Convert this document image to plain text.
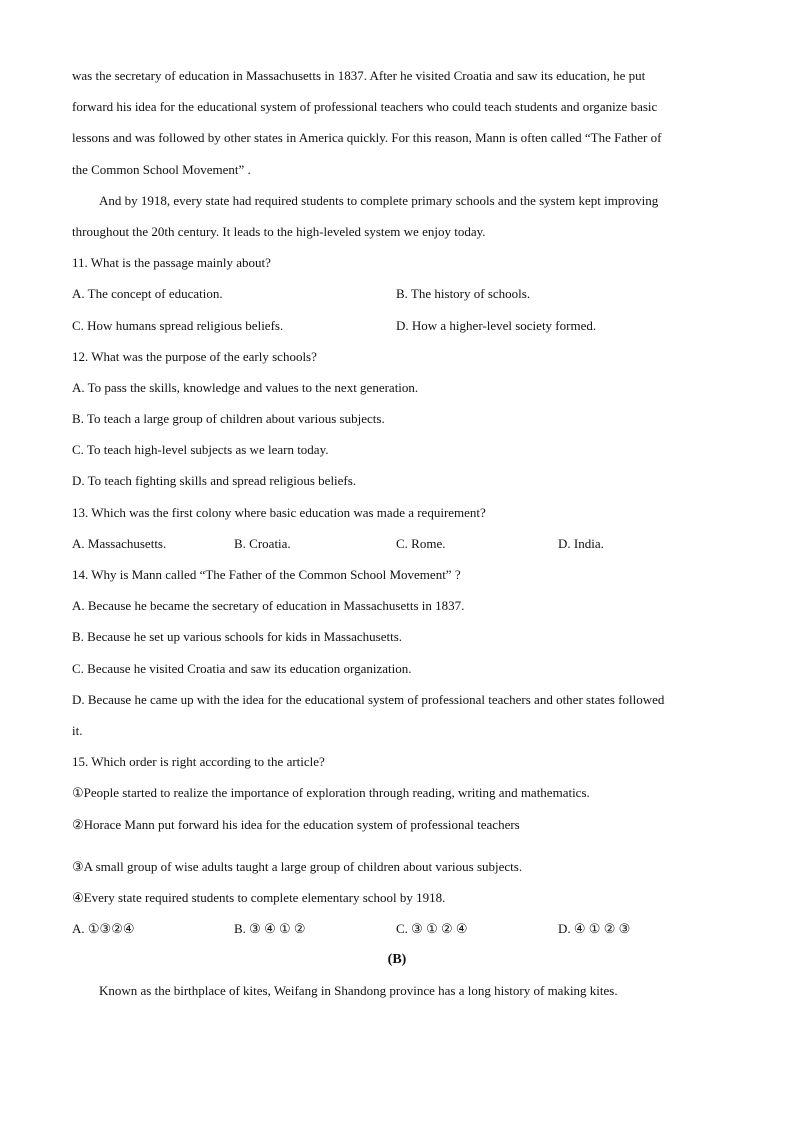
was the secretary of education in Massachusetts in 1837. After he visited Croatia and saw its education, he put
forward his idea for the educational system of professional teachers who could teach students and organize basic
lessons and was followed by other states in America quickly. For this reason, Mann is often called “The Father of
the Common School Movement” .
And by 1918, every state had required students to complete primary schools and the system kept improving
throughout the 20th century. It leads to the high-leveled system we enjoy today.
11. What is the passage mainly about?
A. The concept of education.	B. The history of schools.
C. How humans spread religious beliefs.	D. How a higher-level society formed.
12. What was the purpose of the early schools?
A. To pass the skills, knowledge and values to the next generation.
B. To teach a large group of children about various subjects.
C. To teach high-level subjects as we learn today.
D. To teach fighting skills and spread religious beliefs.
13. Which was the first colony where basic education was made a requirement?
A. Massachusetts.	B. Croatia.	C. Rome.	D. India.
14. Why is Mann called “The Father of the Common School Movement” ?
A. Because he became the secretary of education in Massachusetts in 1837.
B. Because he set up various schools for kids in Massachusetts.
C. Because he visited Croatia and saw its education organization.
D. Because he came up with the idea for the educational system of professional teachers and other states followed
it.
15. Which order is right according to the article?
①People started to realize the importance of exploration through reading, writing and mathematics.
②Horace Mann put forward his idea for the education system of professional teachers
③A small group of wise adults taught a large group of children about various subjects.
④Every state required students to complete elementary school by 1918.
A. ①③②④	B. ③ ④ ① ②	C. ③ ① ② ④	D. ④ ① ② ③
(B)
Known as the birthplace of kites, Weifang in Shandong province has a long history of making kites.
